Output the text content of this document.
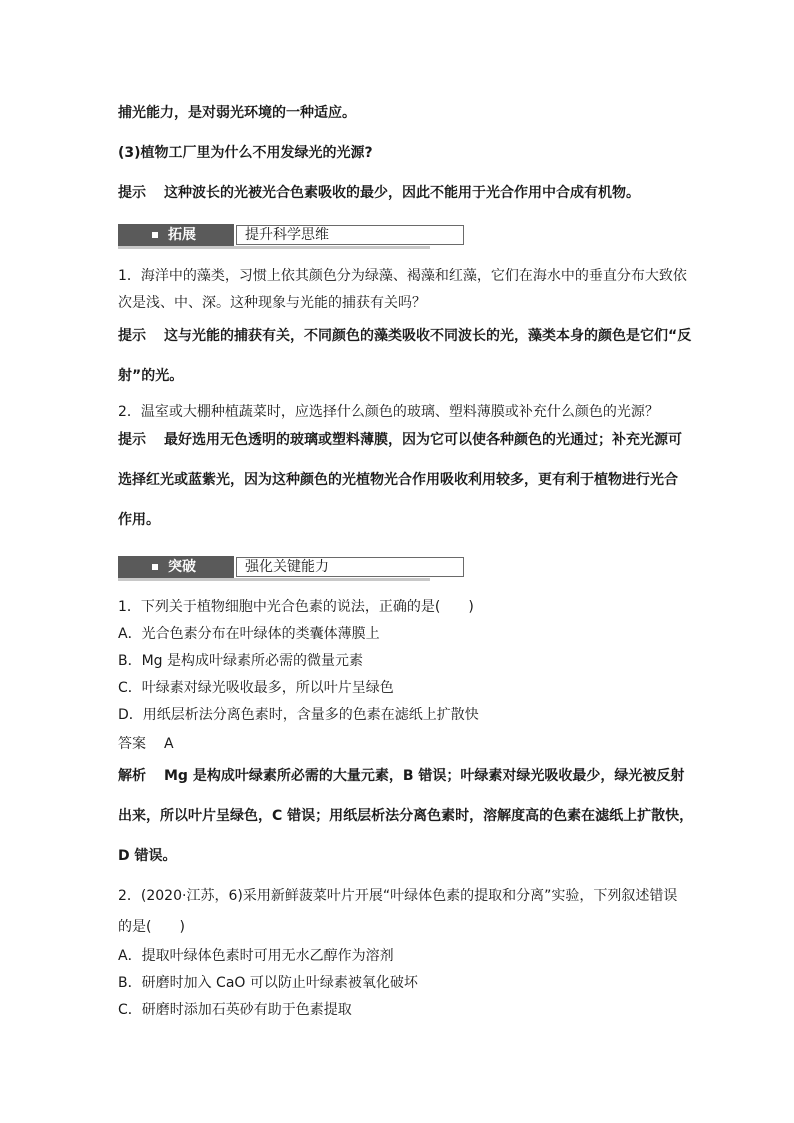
捕光能力，是对弱光环境的一种适应。
(3)植物工厂里为什么不用发绿光的光源?
提示 这种波长的光被光合色素吸收的最少，因此不能用于光合作用中合成有机物。
拓展	提升科学思维
1．海洋中的藻类，习惯上依其颜色分为绿藻、褐藻和红藻，它们在海水中的垂直分布大致依
次是浅、中、深。这种现象与光能的捕获有关吗？
提示 这与光能的捕获有关，不同颜色的藻类吸收不同波长的光，藻类本身的颜色是它们“反
射”的光。
2．温室或大棚种植蔬菜时，应选择什么颜色的玻璃、塑料薄膜或补充什么颜色的光源？
提示 最好选用无色透明的玻璃或塑料薄膜，因为它可以使各种颜色的光通过；补充光源可
选择红光或蓝紫光，因为这种颜色的光植物光合作用吸收利用较多，更有利于植物进行光合
作用。
突破	强化关键能力
1．下列关于植物细胞中光合色素的说法，正确的是(　　)
A．光合色素分布在叶绿体的类囊体薄膜上
B．Mg 是构成叶绿素所必需的微量元素
C．叶绿素对绿光吸收最多，所以叶片呈绿色
D．用纸层析法分离色素时，含量多的色素在滤纸上扩散快
答案 A
解析 Mg 是构成叶绿素所必需的大量元素，B 错误；叶绿素对绿光吸收最少，绿光被反射
出来，所以叶片呈绿色，C 错误；用纸层析法分离色素时，溶解度高的色素在滤纸上扩散快，
D 错误。
2．(2020·江苏，6)采用新鲜菠菜叶片开展“叶绿体色素的提取和分离”实验，下列叙述错误
的是(　　)
A．提取叶绿体色素时可用无水乙醇作为溶剂
B．研磨时加入 CaO 可以防止叶绿素被氧化破坏
C．研磨时添加石英砂有助于色素提取
